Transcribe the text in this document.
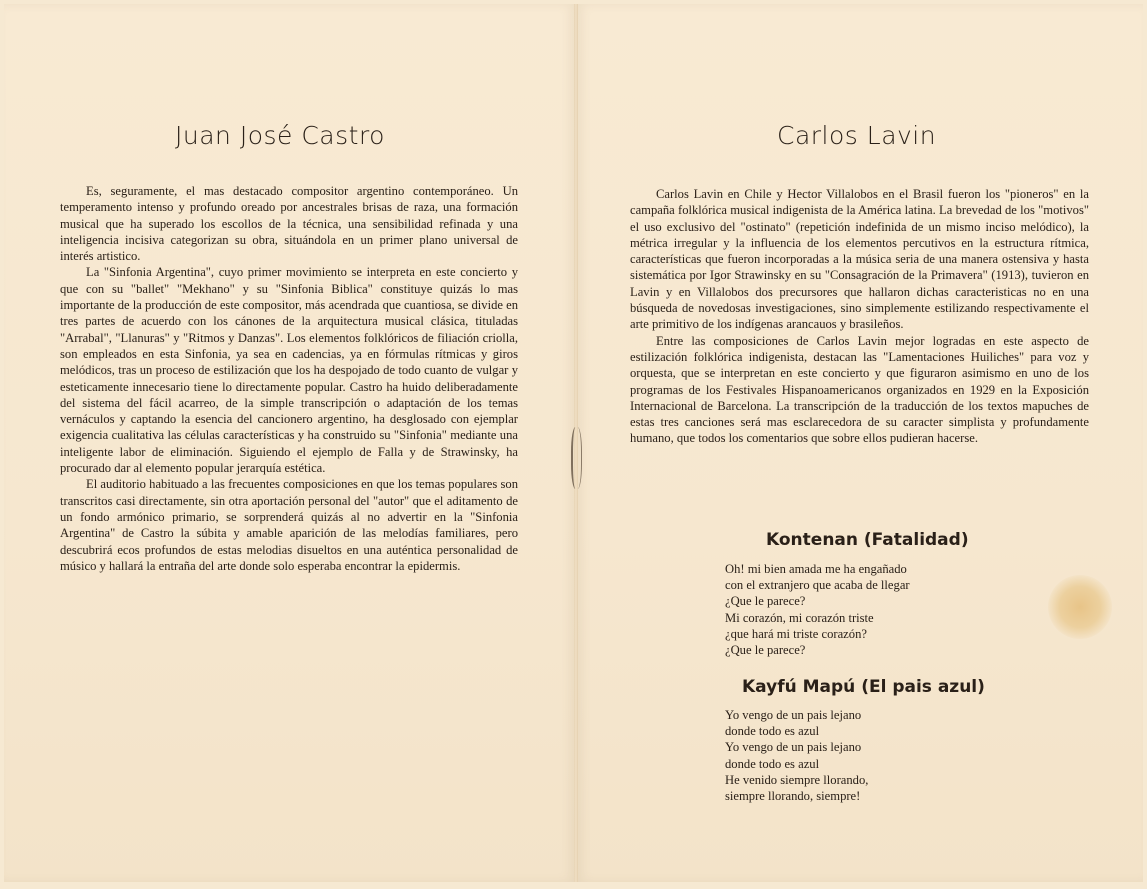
Juan José Castro

Es, seguramente, el mas destacado compositor argentino contemporáneo. Un temperamento intenso y profundo oreado por ancestrales brisas de raza, una formación musical que ha superado los escollos de la técnica, una sensibilidad refinada y una inteligencia incisiva categorizan su obra, situándola en un primer plano universal de interés artistico.

La "Sinfonia Argentina", cuyo primer movimiento se interpreta en este concierto y que con su "ballet" "Mekhano" y su "Sinfonia Biblica" constituye quizás lo mas importante de la producción de este compositor, más acendrada que cuantiosa, se divide en tres partes de acuerdo con los cánones de la arquitectura musical clásica, tituladas "Arrabal", "Llanuras" y "Ritmos y Danzas". Los elementos folklóricos de filiación criolla, son empleados en esta Sinfonia, ya sea en cadencias, ya en fórmulas rítmicas y giros melódicos, tras un proceso de estilización que los ha despojado de todo cuanto de vulgar y esteticamente innecesario tiene lo directamente popular. Castro ha huido deliberadamente del sistema del fácil acarreo, de la simple transcripción o adaptación de los temas vernáculos y captando la esencia del cancionero argentino, ha desglosado con ejemplar exigencia cualitativa las células características y ha construido su "Sinfonia" mediante una inteligente labor de eliminación. Siguiendo el ejemplo de Falla y de Strawinsky, ha procurado dar al elemento popular jerarquía estética.

El auditorio habituado a las frecuentes composiciones en que los temas populares son transcritos casi directamente, sin otra aportación personal del "autor" que el aditamento de un fondo armónico primario, se sorprenderá quizás al no advertir en la "Sinfonia Argentina" de Castro la súbita y amable aparición de las melodías familiares, pero descubrirá ecos profundos de estas melodias disueltos en una auténtica personalidad de músico y hallará la entraña del arte donde solo esperaba encontrar la epidermis.

Carlos Lavin

Carlos Lavin en Chile y Hector Villalobos en el Brasil fueron los "pioneros" en la campaña folklórica musical indigenista de la América latina. La brevedad de los "motivos" el uso exclusivo del "ostinato" (repetición indefinida de un mismo inciso melódico), la métrica irregular y la influencia de los elementos percutivos en la estructura rítmica, características que fueron incorporadas a la música seria de una manera ostensiva y hasta sistemática por Igor Strawinsky en su "Consagración de la Primavera" (1913), tuvieron en Lavin y en Villalobos dos precursores que hallaron dichas caracteristicas no en una búsqueda de novedosas investigaciones, sino simplemente estilizando respectivamente el arte primitivo de los indígenas arancauos y brasileños.

Entre las composiciones de Carlos Lavin mejor logradas en este aspecto de estilización folklórica indigenista, destacan las "Lamentaciones Huiliches" para voz y orquesta, que se interpretan en este concierto y que figuraron asimismo en uno de los programas de los Festivales Hispanoamericanos organizados en 1929 en la Exposición Internacional de Barcelona. La transcripción de la traducción de los textos mapuches de estas tres canciones será mas esclarecedora de su caracter simplista y profundamente humano, que todos los comentarios que sobre ellos pudieran hacerse.

Kontenan (Fatalidad)
Oh! mi bien amada me ha engañado
con el extranjero que acaba de llegar
¿Que le parece?
Mi corazón, mi corazón triste
¿que hará mi triste corazón?
¿Que le parece?
Kayfú Mapú (El pais azul)
Yo vengo de un pais lejano
donde todo es azul
Yo vengo de un pais lejano
donde todo es azul
He venido siempre llorando,
siempre llorando, siempre!
